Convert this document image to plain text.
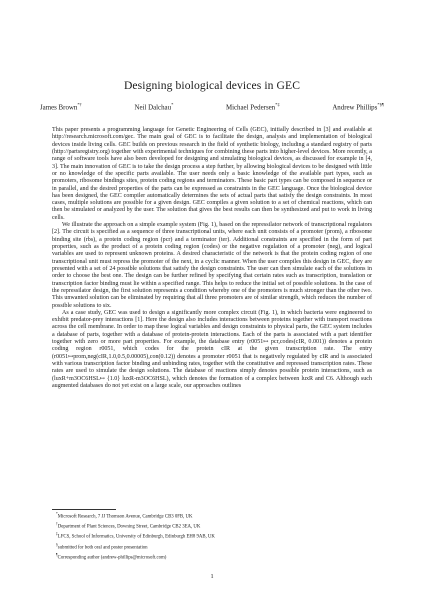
Designing biological devices in GEC
James Brown*†	Neil Dalchau*	Michael Pedersen*‡	Andrew Phillips*§¶

This paper presents a programming language for Genetic Engineering of Cells (GEC), initially described in [3] and available at http://research.microsoft.com/gec. The main goal of GEC is to facilitate the design, analysis and implementation of biological devices inside living cells. GEC builds on previous research in the field of synthetic biology, including a standard registry of parts (http://partsregistry.org) together with experimental techniques for combining these parts into higher-level devices. More recently, a range of software tools have also been developed for designing and simulating biological devices, as discussed for example in [4, 3]. The main innovation of GEC is to take the design process a step further, by allowing biological devices to be designed with little or no knowledge of the specific parts available. The user needs only a basic knowledge of the available part types, such as promoters, ribosome bindings sites, protein coding regions and terminators. These basic part types can be composed in sequence or in parallel, and the desired properties of the parts can be expressed as constraints in the GEC language. Once the biological device has been designed, the GEC compiler automatically determines the sets of actual parts that satisfy the design constraints. In most cases, multiple solutions are possible for a given design. GEC compiles a given solution to a set of chemical reactions, which can then be simulated or analyzed by the user. The solution that gives the best results can then be synthesized and put to work in living cells.

We illustrate the approach on a simple example system (Fig. 1), based on the repressilator network of transcriptional regulators [2]. The circuit is specified as a sequence of three transcriptional units, where each unit consists of a promoter (prom), a ribosome binding site (rbs), a protein coding region (pcr) and a terminator (ter). Additional constraints are specified in the form of part properties, such as the product of a protein coding region (codes) or the negative regulation of a promoter (neg), and logical variables are used to represent unknown proteins. A desired characteristic of the network is that the protein coding region of one transcriptional unit must repress the promoter of the next, in a cyclic manner. When the user compiles this design in GEC, they are presented with a set of 24 possible solutions that satisfy the design constraints. The user can then simulate each of the solutions in order to choose the best one. The design can be further refined by specifying that certain rates such as transcription, translation or transcription factor binding must lie within a specified range. This helps to reduce the initial set of possible solutions. In the case of the repressilator design, the first solution represents a condition whereby one of the promoters is much stronger than the other two. This unwanted solution can be eliminated by requiring that all three promoters are of similar strength, which reduces the number of possible solutions to six.

As a case study, GEC was used to design a significantly more complex circuit (Fig. 1), in which bacteria were engineered to exhibit predator-prey interactions [1]. Here the design also includes interactions between proteins together with transport reactions across the cell membrane. In order to map these logical variables and design constraints to physical parts, the GEC system includes a database of parts, together with a database of protein-protein interactions. Each of the parts is associated with a part identifier together with zero or more part properties. For example, the database entry (r0051↦ pcr,codes(cIR, 0.001)) denotes a protein coding region r0051, which codes for the protein cIR at the given transcription rate. The entry (r0051↦prom,neg(cIR,1.0,0.5,0.00005),con(0.12)) denotes a promoter r0051 that is negatively regulated by cIR and is associated with various transcription factor binding and unbinding rates, together with the constitutive and repressed transcription rates. These rates are used to simulate the design solutions. The database of reactions simply denotes possible protein interactions, such as (luxR+m3OC6HSL↦ {1.0} luxR-m3OC6HSL), which denotes the formation of a complex between luxR and C6. Although such augmented databases do not yet exist on a large scale, our approaches outlines

*Microsoft Research, 7 JJ Thomson Avenue, Cambridge CB3 0FB, UK
†Department of Plant Sciences, Downing Street, Cambridge CB2 3EA, UK
‡LFCS, School of Informatics, University of Edinburgh, Edinburgh EH8 9AB, UK
§submitted for both oral and poster presentation
¶Corresponding author (andrew-phillips@microsoft.com)
1
